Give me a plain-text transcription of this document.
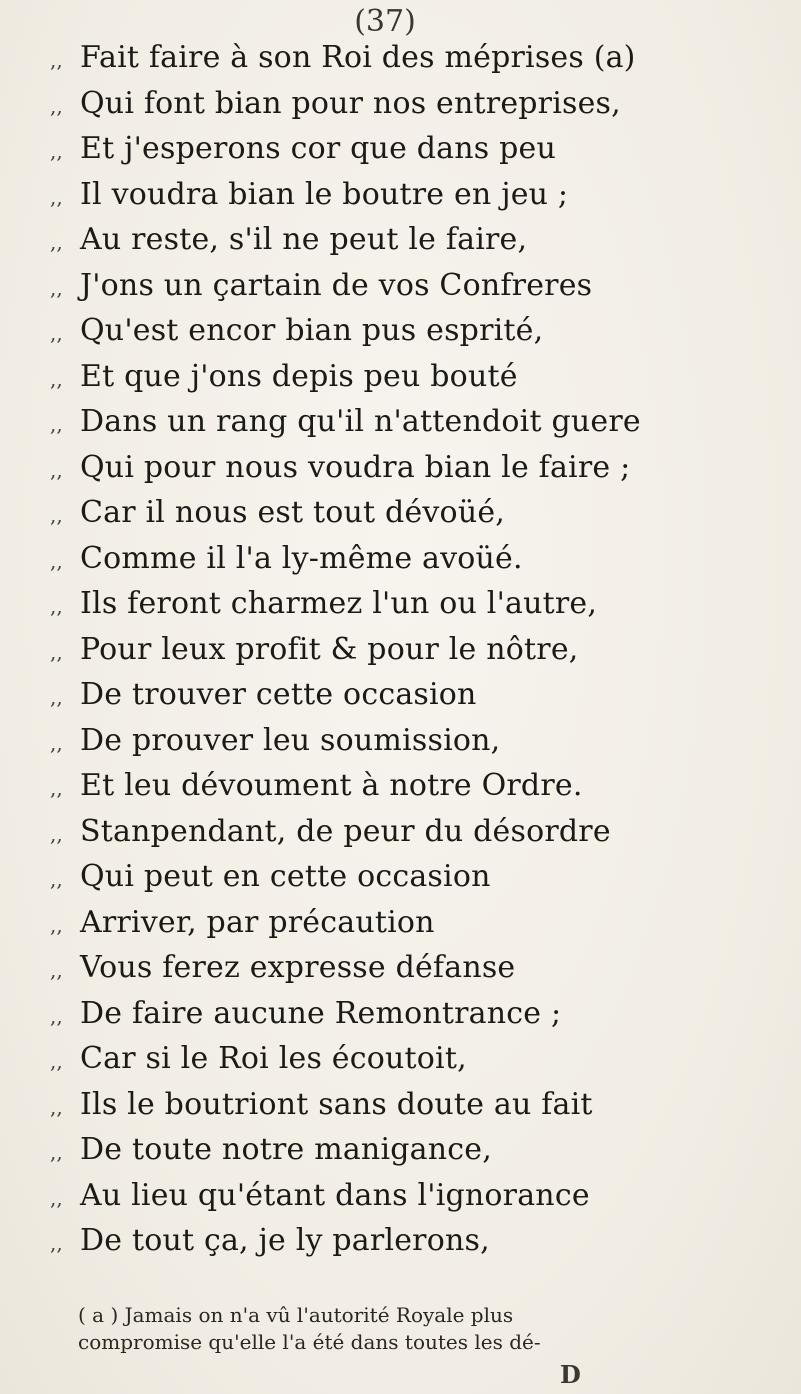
(37)
,, Fait faire à son Roi des méprises (a)
,, Qui font bian pour nos entreprises,
,, Et j'esperons cor que dans peu
,, Il voudra bian le boutre en jeu ;
,, Au reste, s'il ne peut le faire,
,, J'ons un çartain de vos Confreres
,, Qu'est encor bian pus esprité,
,, Et que j'ons depis peu bouté
,, Dans un rang qu'il n'attendoit guere
,, Qui pour nous voudra bian le faire ;
,, Car il nous est tout dévoüé,
,, Comme il l'a ly-même avoüé.
,, Ils feront charmez l'un ou l'autre,
,, Pour leux profit & pour le nôtre,
,, De trouver cette occasion
,, De prouver leu soumission,
,, Et leu dévoument à notre Ordre.
,, Stanpendant, de peur du désordre
,, Qui peut en cette occasion
,, Arriver, par précaution
,, Vous ferez expresse défanse
,, De faire aucune Remontrance ;
,, Car si le Roi les écoutoit,
,, Ils le boutriont sans doute au fait
,, De toute notre manigance,
,, Au lieu qu'étant dans l'ignorance
,, De tout ça, je ly parlerons,
( a ) Jamais on n'a vû l'autorité Royale plus
compromise qu'elle l'a été dans toutes les dé-
D
